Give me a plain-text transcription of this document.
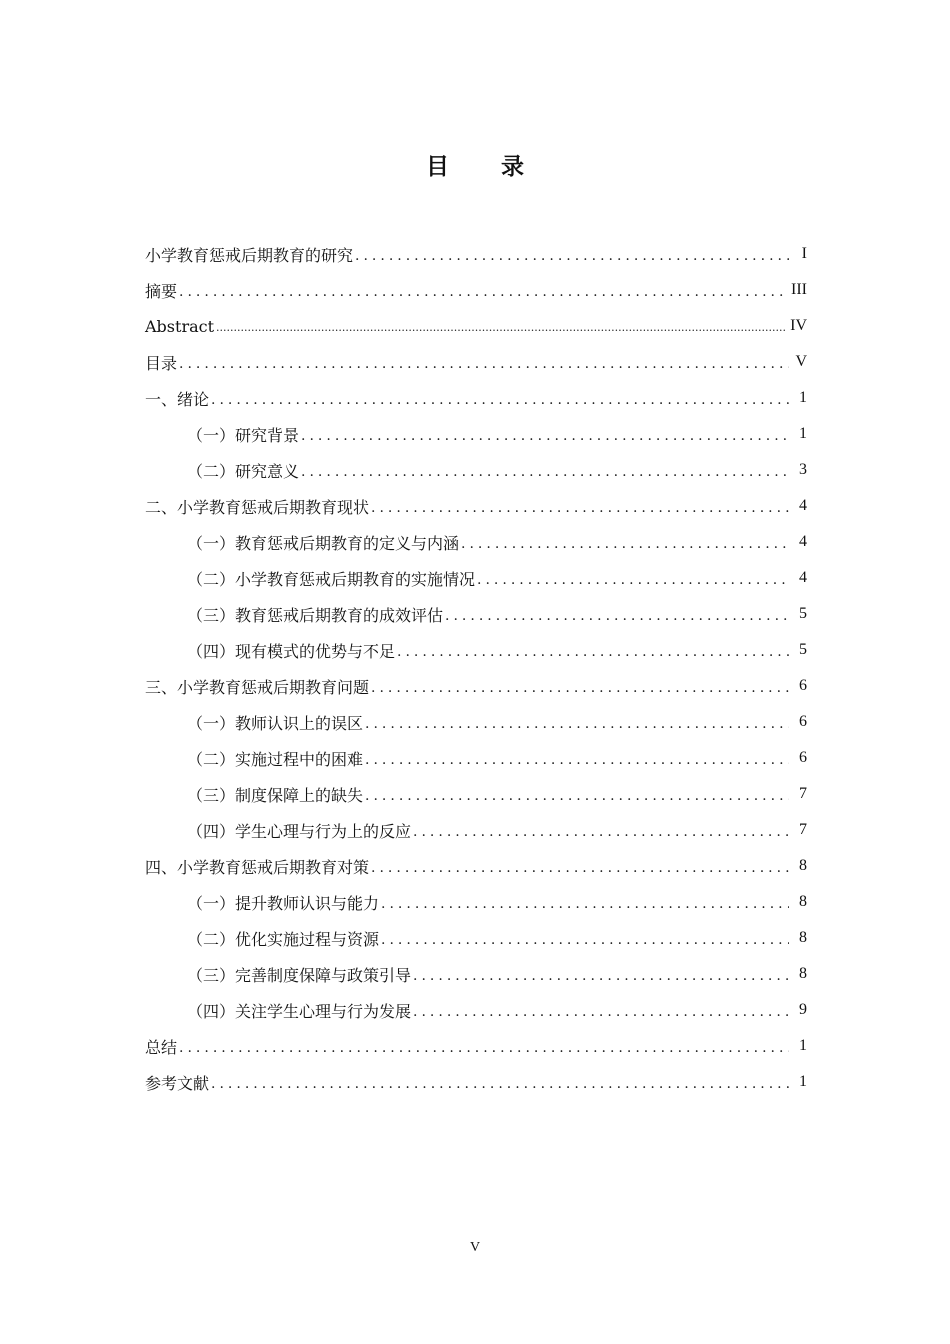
目 录
小学教育惩戒后期教育的研究 .....	I
摘要 .....	III
Abstract .....	IV
目录 .....	V
一、绪论 .....	1
（一）研究背景 .....	1
（二）研究意义 .....	3
二、小学教育惩戒后期教育现状 .....	4
（一）教育惩戒后期教育的定义与内涵 .....	4
（二）小学教育惩戒后期教育的实施情况 .....	4
（三）教育惩戒后期教育的成效评估 .....	5
（四）现有模式的优势与不足 .....	5
三、小学教育惩戒后期教育问题 .....	6
（一）教师认识上的误区 .....	6
（二）实施过程中的困难 .....	6
（三）制度保障上的缺失 .....	7
（四）学生心理与行为上的反应 .....	7
四、小学教育惩戒后期教育对策 .....	8
（一）提升教师认识与能力 .....	8
（二）优化实施过程与资源 .....	8
（三）完善制度保障与政策引导 .....	8
（四）关注学生心理与行为发展 .....	9
总结 .....	1
参考文献 .....	1
V
